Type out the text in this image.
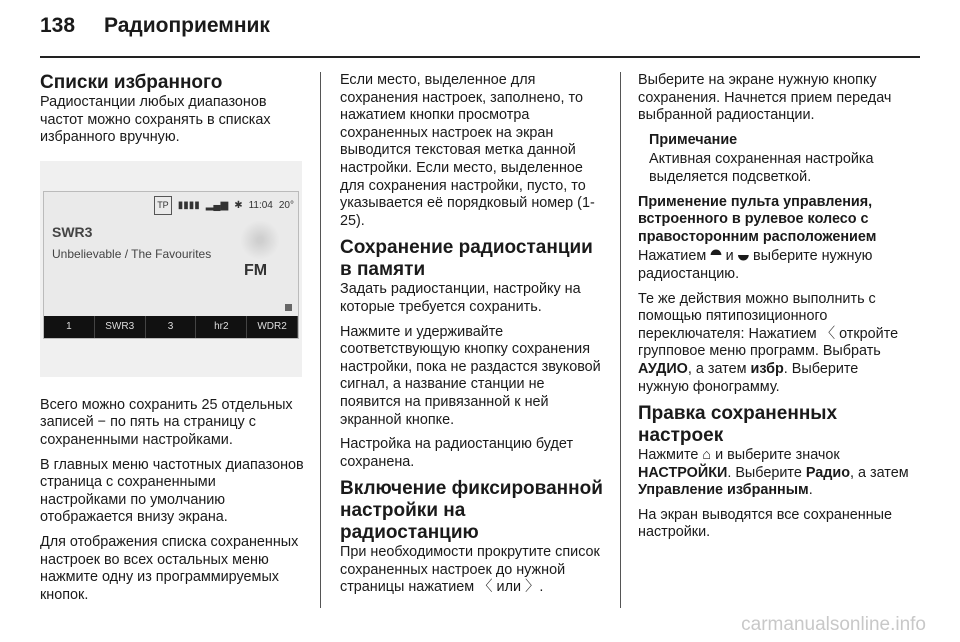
138 Радиоприемник
Списки избранного

Радиостанции любых диапазонов частот можно сохранять в списках избранного вручную.

TP ▮▮▮▮ ▂▄▆ ✱ 11:04 20°
SWR3
Unbelievable / The Favourites
FM
1	SWR3	3	hr2	WDR2

Всего можно сохранить 25 отдельных записей − по пять на страницу с сохраненными настройками.

В главных меню частотных диапазонов страница с сохраненными настройками по умолчанию отображается внизу экрана.

Для отображения списка сохраненных настроек во всех остальных меню нажмите одну из программируемых кнопок.

Если место, выделенное для сохранения настроек, заполнено, то нажатием кнопки просмотра сохраненных настроек на экран выводится текстовая метка данной настройки. Если место, выделенное для сохранения настройки, пусто, то указывается её порядковый номер (1-25).

Сохранение радиостанции в памяти

Задать радиостанции, настройку на которые требуется сохранить.

Нажмите и удерживайте соответствующую кнопку сохранения настройки, пока не раздастся звуковой сигнал, а название станции не появится на привязанной к ней экранной кнопке.

Настройка на радиостанцию будет сохранена.

Включение фиксированной настройки на радиостанцию

При необходимости прокрутите список сохраненных настроек до нужной страницы нажатием 〈 или 〉.

Выберите на экране нужную кнопку сохранения. Начнется прием передач выбранной радиостанции.

Примечание

Активная сохраненная настройка выделяется подсветкой.

Применение пульта управления, встроенного в рулевое колесо с правосторонним расположением

Нажатием ⯊ и ⯋ выберите нужную радиостанцию.

Те же действия можно выполнить с помощью пятипозиционного переключателя: Нажатием 〈 откройте групповое меню программ. Выбрать АУДИО, а затем избр. Выберите нужную фонограмму.

Правка сохраненных настроек

Нажмите ⌂ и выберите значок НАСТРОЙКИ. Выберите Радио, а затем Управление избранным.

На экран выводятся все сохраненные настройки.

carmanualsonline.info
